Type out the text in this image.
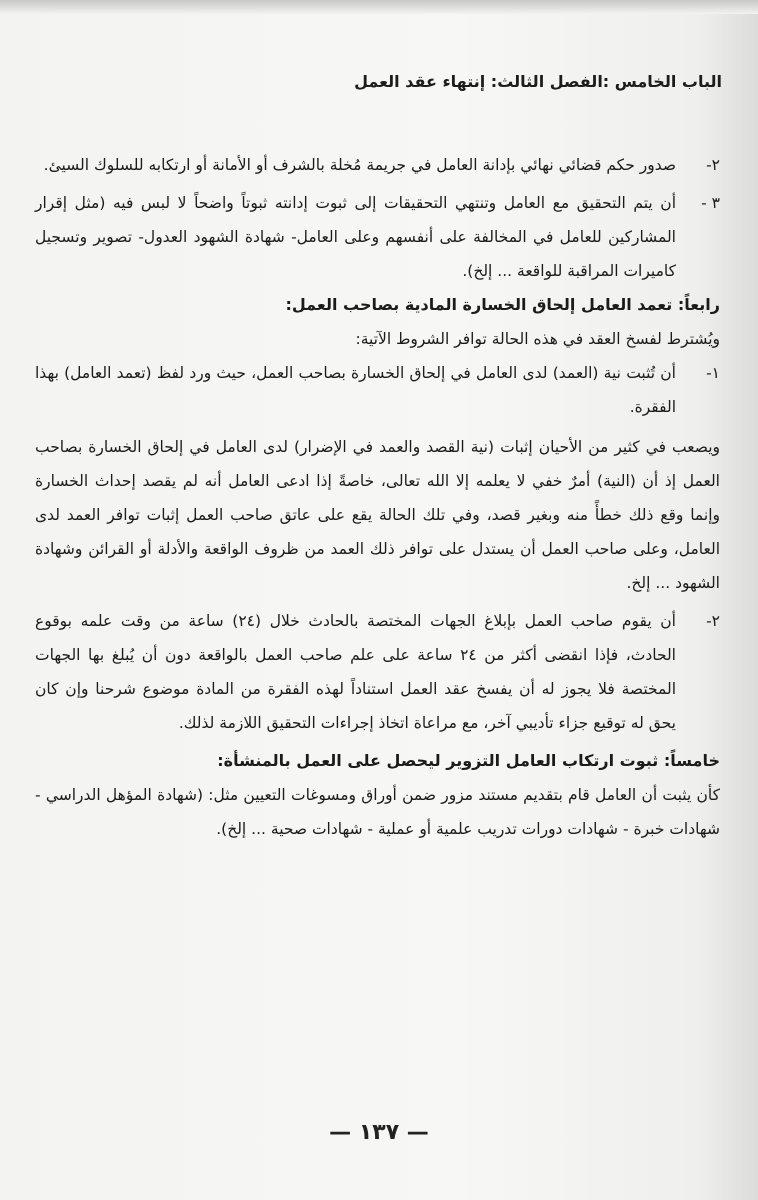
الباب الخامس :الفصل الثالث: إنتهاء عقد العمل
٢-

صدور حكم قضائي نهائي بإدانة العامل في جريمة مُخلة بالشرف أو الأمانة أو ارتكابه للسلوك السيئ.

٣ -

أن يتم التحقيق مع العامل وتنتهي التحقيقات إلى ثبوت إدانته ثبوتاً واضحاً لا لبس فيه (مثل إقرار المشاركين للعامل في المخالفة على أنفسهم وعلى العامل- شهادة الشهود العدول- تصوير وتسجيل كاميرات المراقبة للواقعة ... إلخ).

رابعاً: تعمد العامل إلحاق الخسارة المادية بصاحب العمل:

ويُشترط لفسخ العقد في هذه الحالة توافر الشروط الآتية:

١-

أن تُثبت نية (العمد) لدى العامل في إلحاق الخسارة بصاحب العمل، حيث ورد لفظ (تعمد العامل) بهذا الفقرة.

ويصعب في كثير من الأحيان إثبات (نية القصد والعمد في الإضرار) لدى العامل في إلحاق الخسارة بصاحب العمل إذ أن (النية) أمرٌ خفي لا يعلمه إلا الله تعالى، خاصةً إذا ادعى العامل أنه لم يقصد إحداث الخسارة وإنما وقع ذلك خطأً منه وبغير قصد، وفي تلك الحالة يقع على عاتق صاحب العمل إثبات توافر العمد لدى العامل، وعلى صاحب العمل أن يستدل على توافر ذلك العمد من ظروف الواقعة والأدلة أو القرائن وشهادة الشهود ... إلخ.

٢-

أن يقوم صاحب العمل بإبلاغ الجهات المختصة بالحادث خلال (٢٤) ساعة من وقت علمه بوقوع الحادث، فإذا انقضى أكثر من ٢٤ ساعة على علم صاحب العمل بالواقعة دون أن يُبلغ بها الجهات المختصة فلا يجوز له أن يفسخ عقد العمل استناداً لهذه الفقرة من المادة موضوع شرحنا وإن كان يحق له توقيع جزاء تأديبي آخر، مع مراعاة اتخاذ إجراءات التحقيق اللازمة لذلك.

خامساً: ثبوت ارتكاب العامل التزوير ليحصل على العمل بالمنشأة:

كأن يثبت أن العامل قام بتقديم مستند مزور ضمن أوراق ومسوغات التعيين مثل: (شهادة المؤهل الدراسي - شهادات خبرة - شهادات دورات تدريب علمية أو عملية - شهادات صحية ... إلخ).

— ١٣٧ —
